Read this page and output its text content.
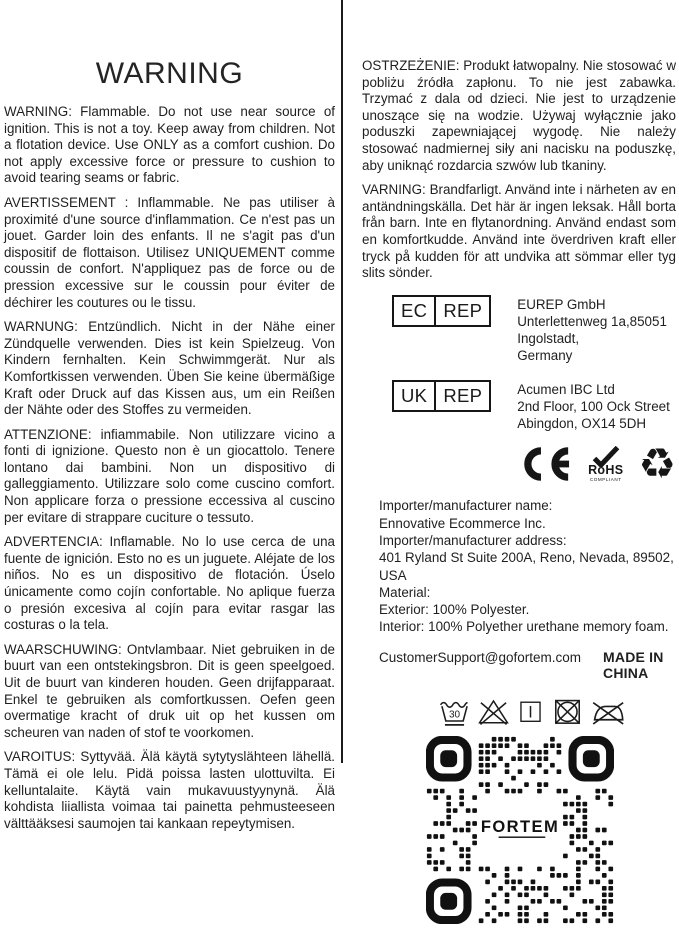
WARNING

WARNING: Flammable. Do not use near source of ignition. This is not a toy. Keep away from children. Not a flotation device. Use ONLY as a comfort cushion. Do not apply excessive force or pressure to cushion to avoid tearing seams or fabric.

AVERTISSEMENT : Inflammable. Ne pas utiliser à proximité d'une source d'inflammation. Ce n'est pas un jouet. Garder loin des enfants. Il ne s'agit pas d'un dispositif de flottaison. Utilisez UNIQUEMENT comme coussin de confort. N'appliquez pas de force ou de pression excessive sur le coussin pour éviter de déchirer les coutures ou le tissu.

WARNUNG: Entzündlich. Nicht in der Nähe einer Zündquelle verwenden. Dies ist kein Spielzeug. Von Kindern fernhalten. Kein Schwimmgerät. Nur als Komfortkissen verwenden. Üben Sie keine übermäßige Kraft oder Druck auf das Kissen aus, um ein Reißen der Nähte oder des Stoffes zu vermeiden.

ATTENZIONE: infiammabile. Non utilizzare vicino a fonti di ignizione. Questo non è un giocattolo. Tenere lontano dai bambini. Non un dispositivo di galleggiamento. Utilizzare solo come cuscino comfort. Non applicare forza o pressione eccessiva al cuscino per evitare di strappare cuciture o tessuto.

ADVERTENCIA: Inflamable. No lo use cerca de una fuente de ignición. Esto no es un juguete. Aléjate de los niños. No es un dispositivo de flotación. Úselo únicamente como cojín confortable. No aplique fuerza o presión excesiva al cojín para evitar rasgar las costuras o la tela.

WAARSCHUWING: Ontvlambaar. Niet gebruiken in de buurt van een ontstekingsbron. Dit is geen speelgoed. Uit de buurt van kinderen houden. Geen drijfapparaat. Enkel te gebruiken als comfortkussen. Oefen geen overmatige kracht of druk uit op het kussen om scheuren van naden of stof te voorkomen.

VAROITUS: Syttyvää. Älä käytä sytytyslähteen lähellä. Tämä ei ole lelu. Pidä poissa lasten ulottuvilta. Ei kelluntalaite. Käytä vain mukavuustyynynä. Älä kohdista liiallista voimaa tai painetta pehmusteeseen välttääksesi saumojen tai kankaan repeytymisen.

OSTRZEŻENIE: Produkt łatwopalny. Nie stosować w pobliżu źródła zapłonu. To nie jest zabawka. Trzymać z dala od dzieci. Nie jest to urządzenie unoszące się na wodzie. Używaj wyłącznie jako poduszki zapewniającej wygodę. Nie należy stosować nadmiernej siły ani nacisku na poduszkę, aby uniknąć rozdarcia szwów lub tkaniny.

VARNING: Brandfarligt. Använd inte i närheten av en antändningskälla. Det här är ingen leksak. Håll borta från barn. Inte en flytanordning. Använd endast som en komfortkudde. Använd inte överdriven kraft eller tryck på kudden för att undvika att sömmar eller tyg slits sönder.

EC REP	EUREP GmbH
Unterlettenweg 1a,85051 Ingolstadt,
Germany
UK REP	Acumen IBC Ltd
2nd Floor, 100 Ock Street
Abingdon, OX14 5DH
RoHS
COMPLIANT ♻
Importer/manufacturer name:
Ennovative Ecommerce Inc.
Importer/manufacturer address:
401 Ryland St Suite 200A, Reno, Nevada, 89502, USA
Material:
Exterior: 100% Polyester.
Interior: 100% Polyether urethane memory foam.
CustomerSupport@gofortem.com MADE IN CHINA
30
FORTEM
